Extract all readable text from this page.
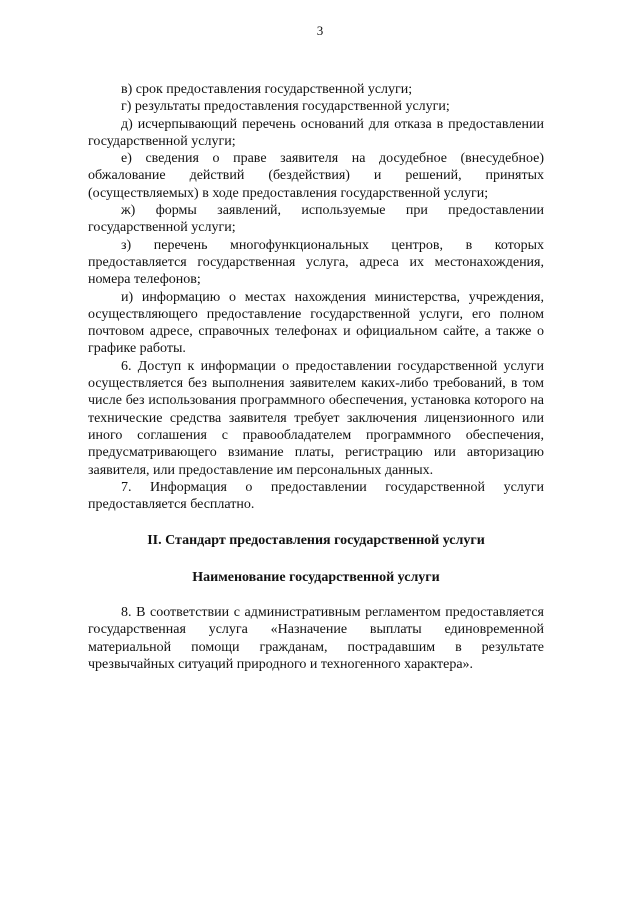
3

в) срок предоставления государственной услуги;

г) результаты предоставления государственной услуги;

д) исчерпывающий перечень оснований для отказа в предоставлении государственной услуги;

е) сведения о праве заявителя на досудебное (внесудебное) обжалование действий (бездействия) и решений, принятых (осуществляемых) в ходе предоставления государственной услуги;

ж) формы заявлений, используемые при предоставлении государственной услуги;

з) перечень многофункциональных центров, в которых предоставляется государственная услуга, адреса их местонахождения, номера телефонов;

и) информацию о местах нахождения министерства, учреждения, осуществляющего предоставление государственной услуги, его полном почтовом адресе, справочных телефонах и официальном сайте, а также о графике работы.

6. Доступ к информации о предоставлении государственной услуги осуществляется без выполнения заявителем каких-либо требований, в том числе без использования программного обеспечения, установка которого на технические средства заявителя требует заключения лицензионного или иного соглашения с правообладателем программного обеспечения, предусматривающего взимание платы, регистрацию или авторизацию заявителя, или предоставление им персональных данных.

7. Информация о предоставлении государственной услуги предоставляется бесплатно.

II. Стандарт предоставления государственной услуги
Наименование государственной услуги

8. В соответствии с административным регламентом предоставляется государственная услуга «Назначение выплаты единовременной материальной помощи гражданам, пострадавшим в результате чрезвычайных ситуаций природного и техногенного характера».
